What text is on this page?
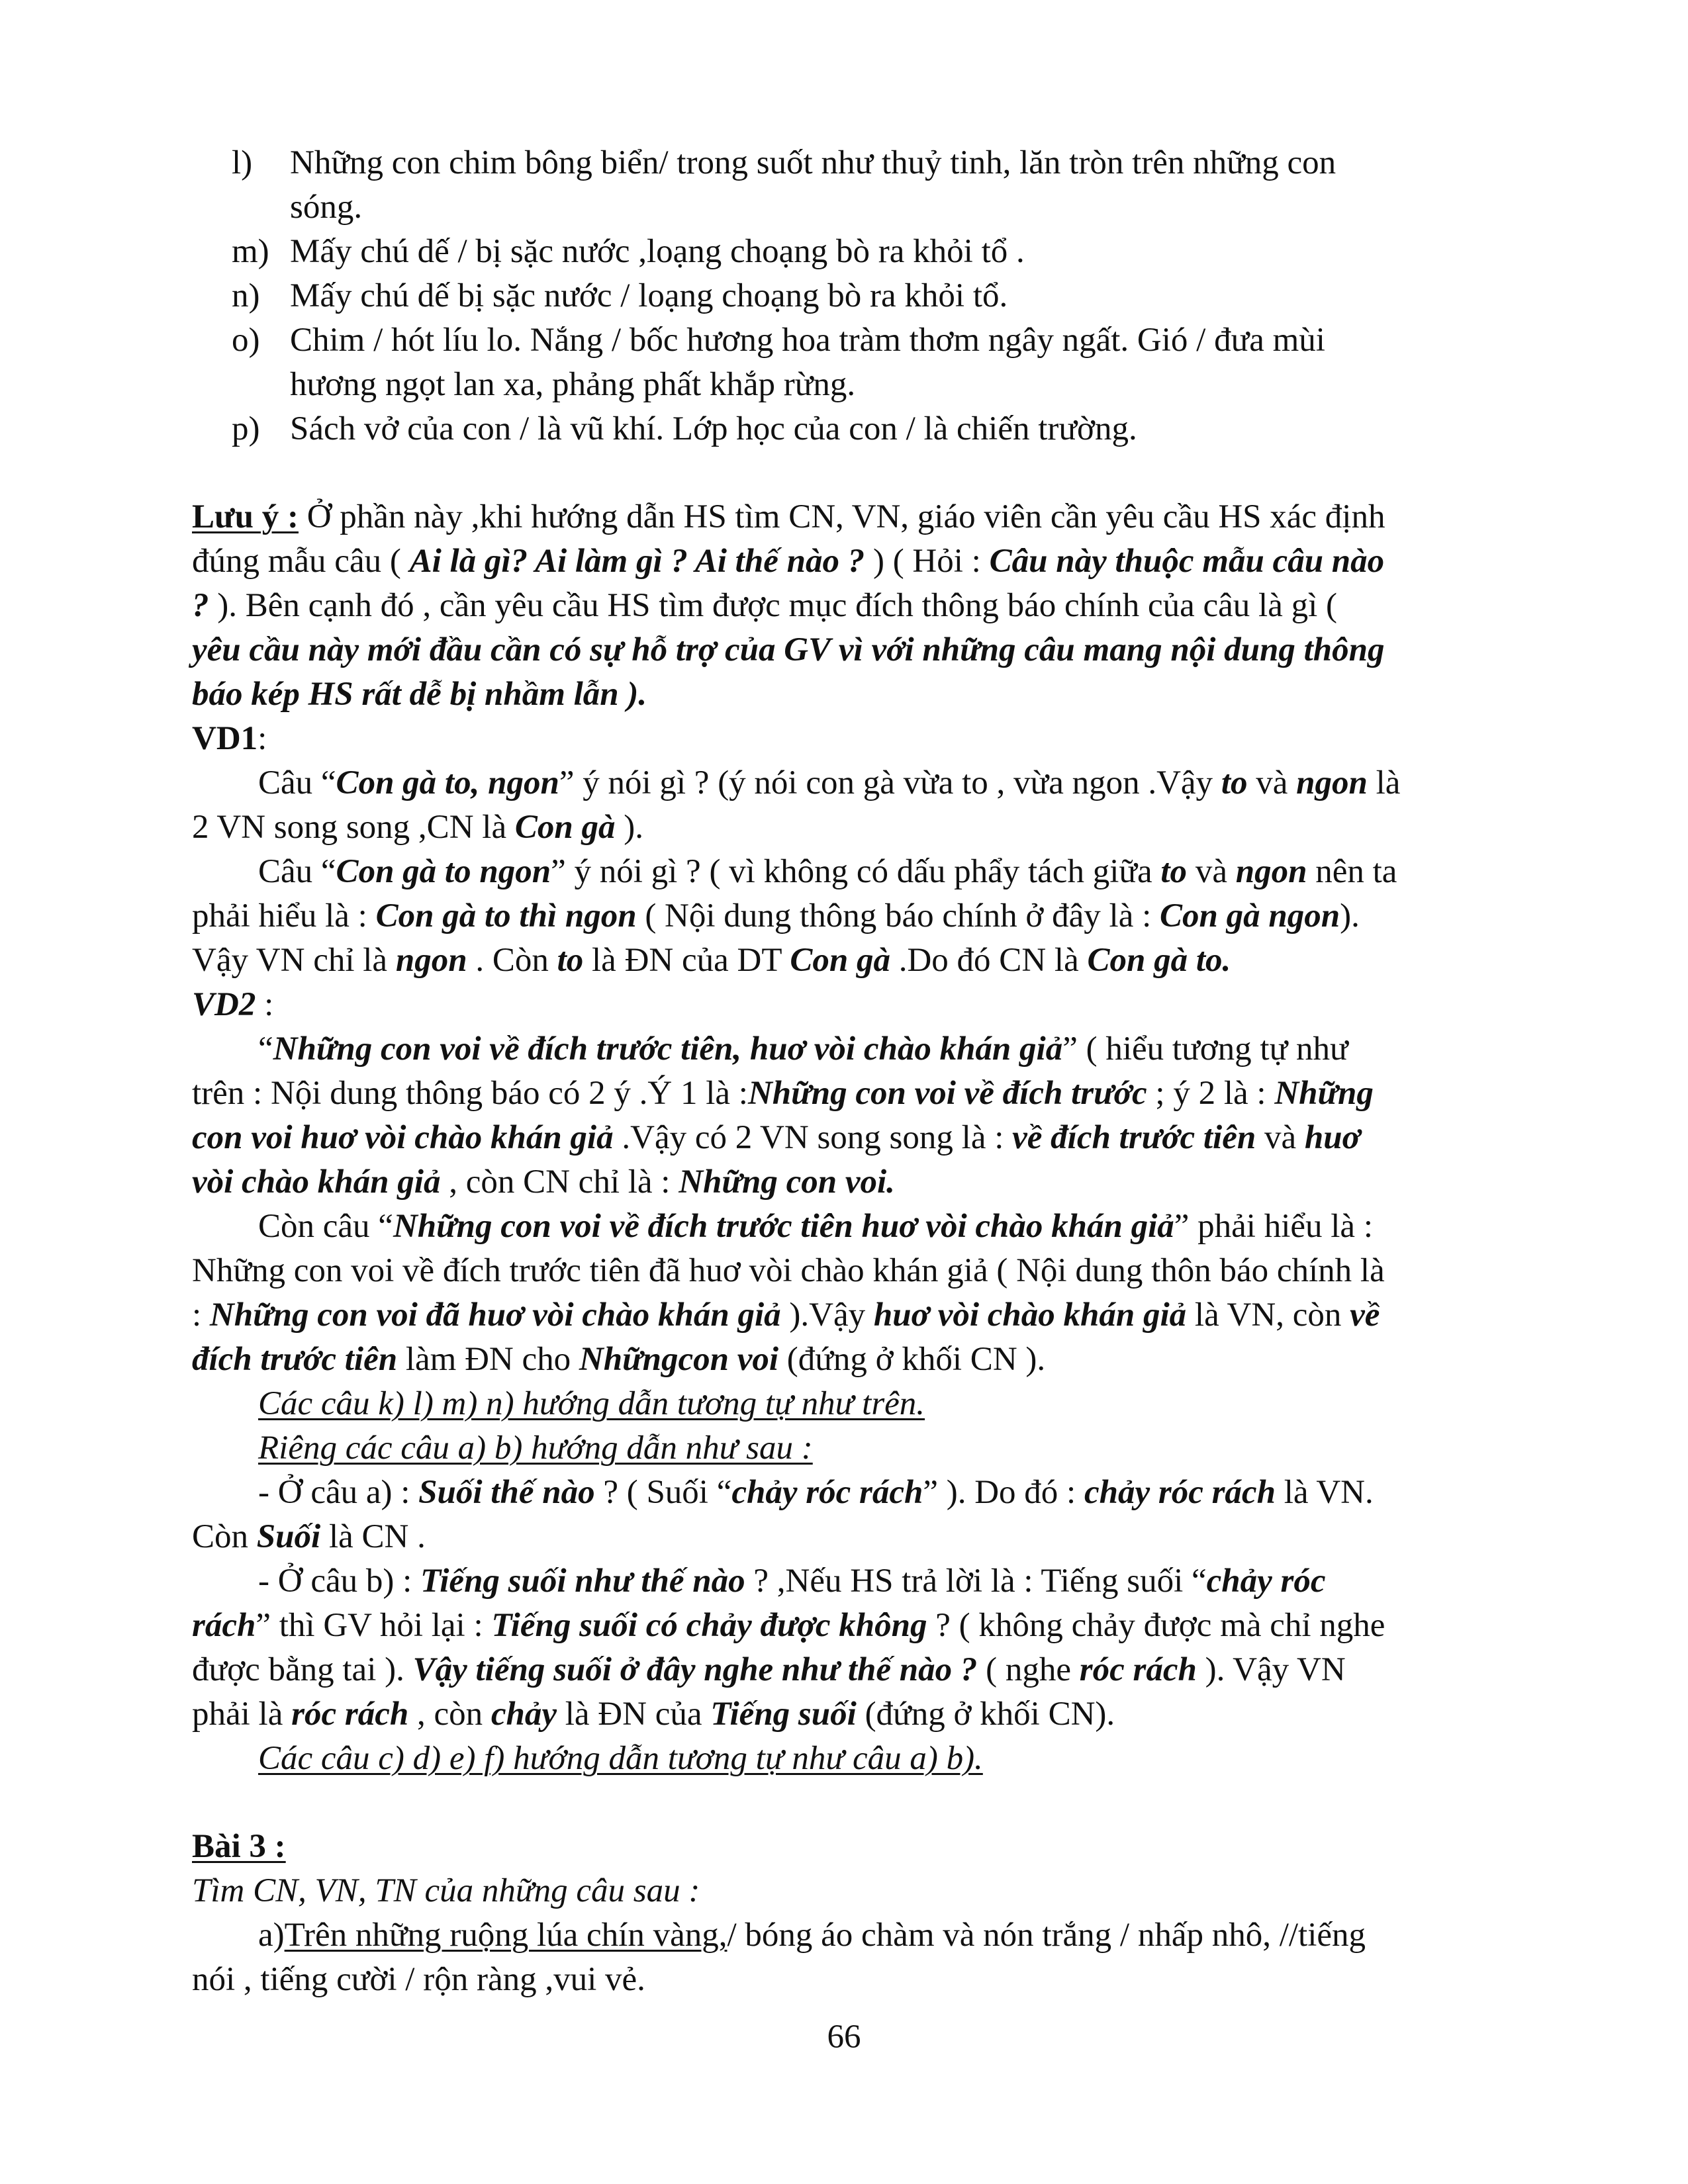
l) Những con chim bông biển/ trong suốt như thuỷ tinh, lăn tròn trên những con
sóng.
m) Mấy chú dế / bị sặc nước ,loạng choạng bò ra khỏi tổ .
n) Mấy chú dế bị sặc nước / loạng choạng bò ra khỏi tổ.
o) Chim / hót líu lo. Nắng / bốc hương hoa tràm thơm ngây ngất. Gió / đưa mùi
hương ngọt lan xa, phảng phất khắp rừng.
p) Sách vở của con / là vũ khí. Lớp học của con / là chiến trường.
Lưu ý : Ở phần này ,khi hướng dẫn HS tìm CN, VN, giáo viên cần yêu cầu HS xác định
đúng mẫu câu ( Ai là gì? Ai làm gì ? Ai thế nào ? ) ( Hỏi : Câu này thuộc mẫu câu nào
? ). Bên cạnh đó , cần yêu cầu HS tìm được mục đích thông báo chính của câu là gì (
yêu cầu này mới đầu cần có sự hỗ trợ của GV vì với những câu mang nội dung thông
báo kép HS rất dễ bị nhầm lẫn ).
VD1:
Câu “Con gà to, ngon” ý nói gì ? (ý nói con gà vừa to , vừa ngon .Vậy to và ngon là
2 VN song song ,CN là Con gà ).
Câu “Con gà to ngon” ý nói gì ? ( vì không có dấu phẩy tách giữa to và ngon nên ta
phải hiểu là : Con gà to thì ngon ( Nội dung thông báo chính ở đây là : Con gà ngon).
Vậy VN chỉ là ngon . Còn to là ĐN của DT Con gà .Do đó CN là Con gà to.
VD2 :
“Những con voi về đích trước tiên, huơ vòi chào khán giả” ( hiểu tương tự như
trên : Nội dung thông báo có 2 ý .Ý 1 là :Những con voi về đích trước ; ý 2 là : Những
con voi huơ vòi chào khán giả .Vậy có 2 VN song song là : về đích trước tiên và huơ
vòi chào khán giả , còn CN chỉ là : Những con voi.
Còn câu “Những con voi về đích trước tiên huơ vòi chào khán giả” phải hiểu là :
Những con voi về đích trước tiên đã huơ vòi chào khán giả ( Nội dung thôn báo chính là
: Những con voi đã huơ vòi chào khán giả ).Vậy huơ vòi chào khán giả là VN, còn về
đích trước tiên làm ĐN cho Nhữngcon voi (đứng ở khối CN ).
Các câu k) l) m) n) hướng dẫn tương tự như trên.
Riêng các câu a) b) hướng dẫn như sau :
- Ở câu a) : Suối thế nào ? ( Suối “chảy róc rách” ). Do đó : chảy róc rách là VN.
Còn Suối là CN .
- Ở câu b) : Tiếng suối như thế nào ? ,Nếu HS trả lời là : Tiếng suối “chảy róc
rách” thì GV hỏi lại : Tiếng suối có chảy được không ? ( không chảy được mà chỉ nghe
được bằng tai ). Vậy tiếng suối ở đây nghe như thế nào ? ( nghe róc rách ). Vậy VN
phải là róc rách , còn chảy là ĐN của Tiếng suối (đứng ở khối CN).
Các câu c) d) e) f) hướng dẫn tương tự như câu a) b).
Bài 3 :
Tìm CN, VN, TN của những câu sau :
a)Trên những ruộng lúa chín vàng,/ bóng áo chàm và nón trắng / nhấp nhô, //tiếng
nói , tiếng cười / rộn ràng ,vui vẻ.
66
